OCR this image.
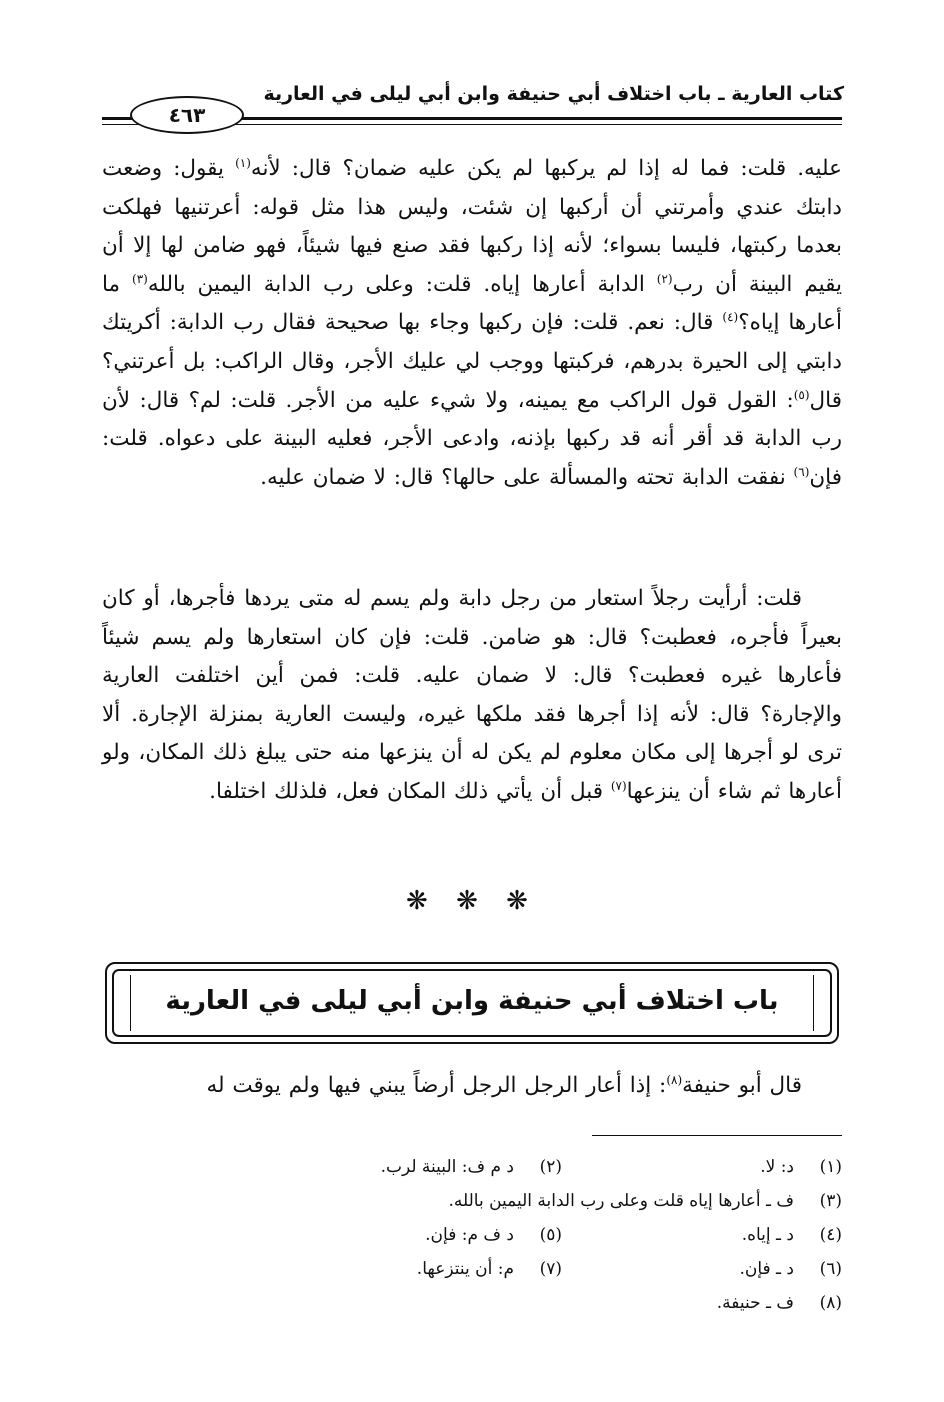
كتاب العارية ـ باب اختلاف أبي حنيفة وابن أبي ليلى في العارية
٤٦٣
عليه. قلت: فما له إذا لم يركبها لم يكن عليه ضمان؟ قال: لأنه$^{(١)}$ يقول: وضعت دابتك عندي وأمرتني أن أركبها إن شئت، وليس هذا مثل قوله: أعرتنيها فهلكت بعدما ركبتها، فليسا بسواء؛ لأنه إذا ركبها فقد صنع فيها شيئاً، فهو ضامن لها إلا أن يقيم البينة أن رب$^{(٢)}$ الدابة أعارها إياه. قلت: وعلى رب الدابة اليمين بالله$^{(٣)}$ ما أعارها إياه؟$^{(٤)}$ قال: نعم. قلت: فإن ركبها وجاء بها صحيحة فقال رب الدابة: أكريتك دابتي إلى الحيرة بدرهم، فركبتها ووجب لي عليك الأجر، وقال الراكب: بل أعرتني؟ قال$^{(٥)}$: القول قول الراكب مع يمينه، ولا شيء عليه من الأجر. قلت: لم؟ قال: لأن رب الدابة قد أقر أنه قد ركبها بإذنه، وادعى الأجر، فعليه البينة على دعواه. قلت: فإن$^{(٦)}$ نفقت الدابة تحته والمسألة على حالها؟ قال: لا ضمان عليه.
قلت: أرأيت رجلاً استعار من رجل دابة ولم يسم له متى يردها فأجرها، أو كان بعيراً فأجره، فعطبت؟ قال: هو ضامن. قلت: فإن كان استعارها ولم يسم شيئاً فأعارها غيره فعطبت؟ قال: لا ضمان عليه. قلت: فمن أين اختلفت العارية والإجارة؟ قال: لأنه إذا أجرها فقد ملكها غيره، وليست العارية بمنزلة الإجارة. ألا ترى لو أجرها إلى مكان معلوم لم يكن له أن ينزعها منه حتى يبلغ ذلك المكان، ولو أعارها ثم شاء أن ينزعها$^{(٧)}$ قبل أن يأتي ذلك المكان فعل، فلذلك اختلفا.
❋ ❋ ❋
باب اختلاف أبي حنيفة وابن أبي ليلى في العارية
قال أبو حنيفة$^{(٨)}$: إذا أعار الرجل الرجل أرضاً يبني فيها ولم يوقت له
(١)
د: لا.
(٢)
د م ف: البينة لرب.
(٣)
ف ـ أعارها إياه قلت وعلى رب الدابة اليمين بالله.
(٤)
د ـ إياه.
(٥)
د ف م: فإن.
(٦)
د ـ فإن.
(٧)
م: أن ينتزعها.
(٨)
ف ـ حنيفة.
